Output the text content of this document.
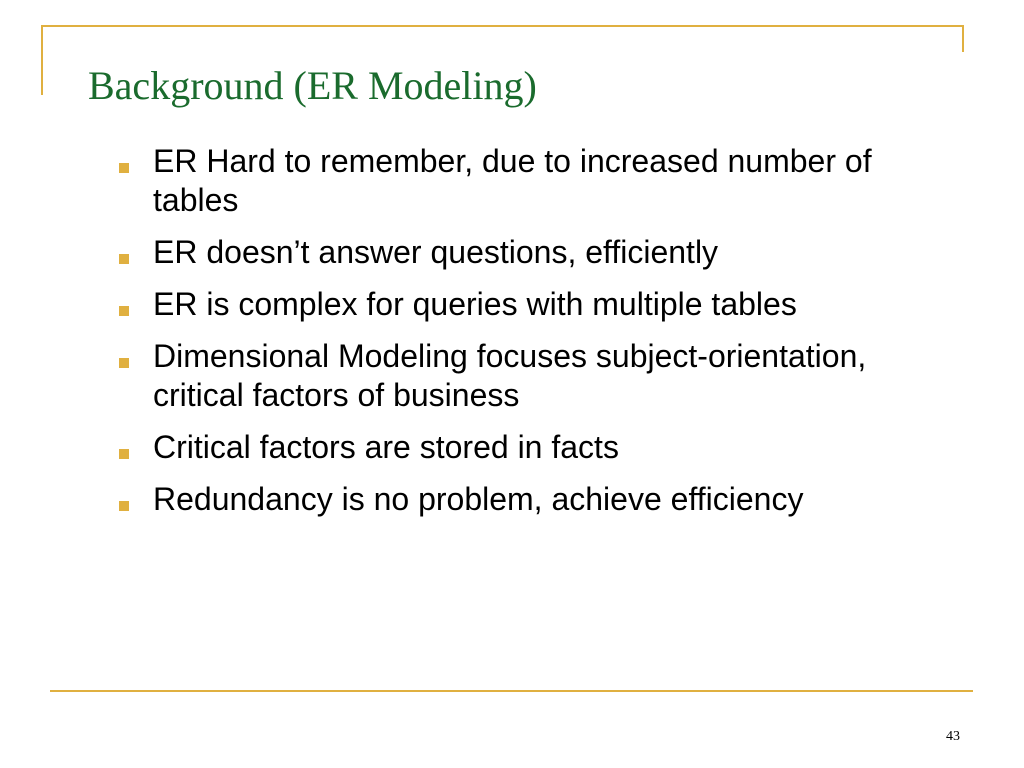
Background (ER Modeling)
ER Hard to remember, due to increased number of tables
ER doesn’t answer questions, efficiently
ER is complex for queries with multiple tables
Dimensional Modeling focuses subject-orientation, critical factors of business
Critical factors are stored in facts
Redundancy is no problem, achieve efficiency
43
